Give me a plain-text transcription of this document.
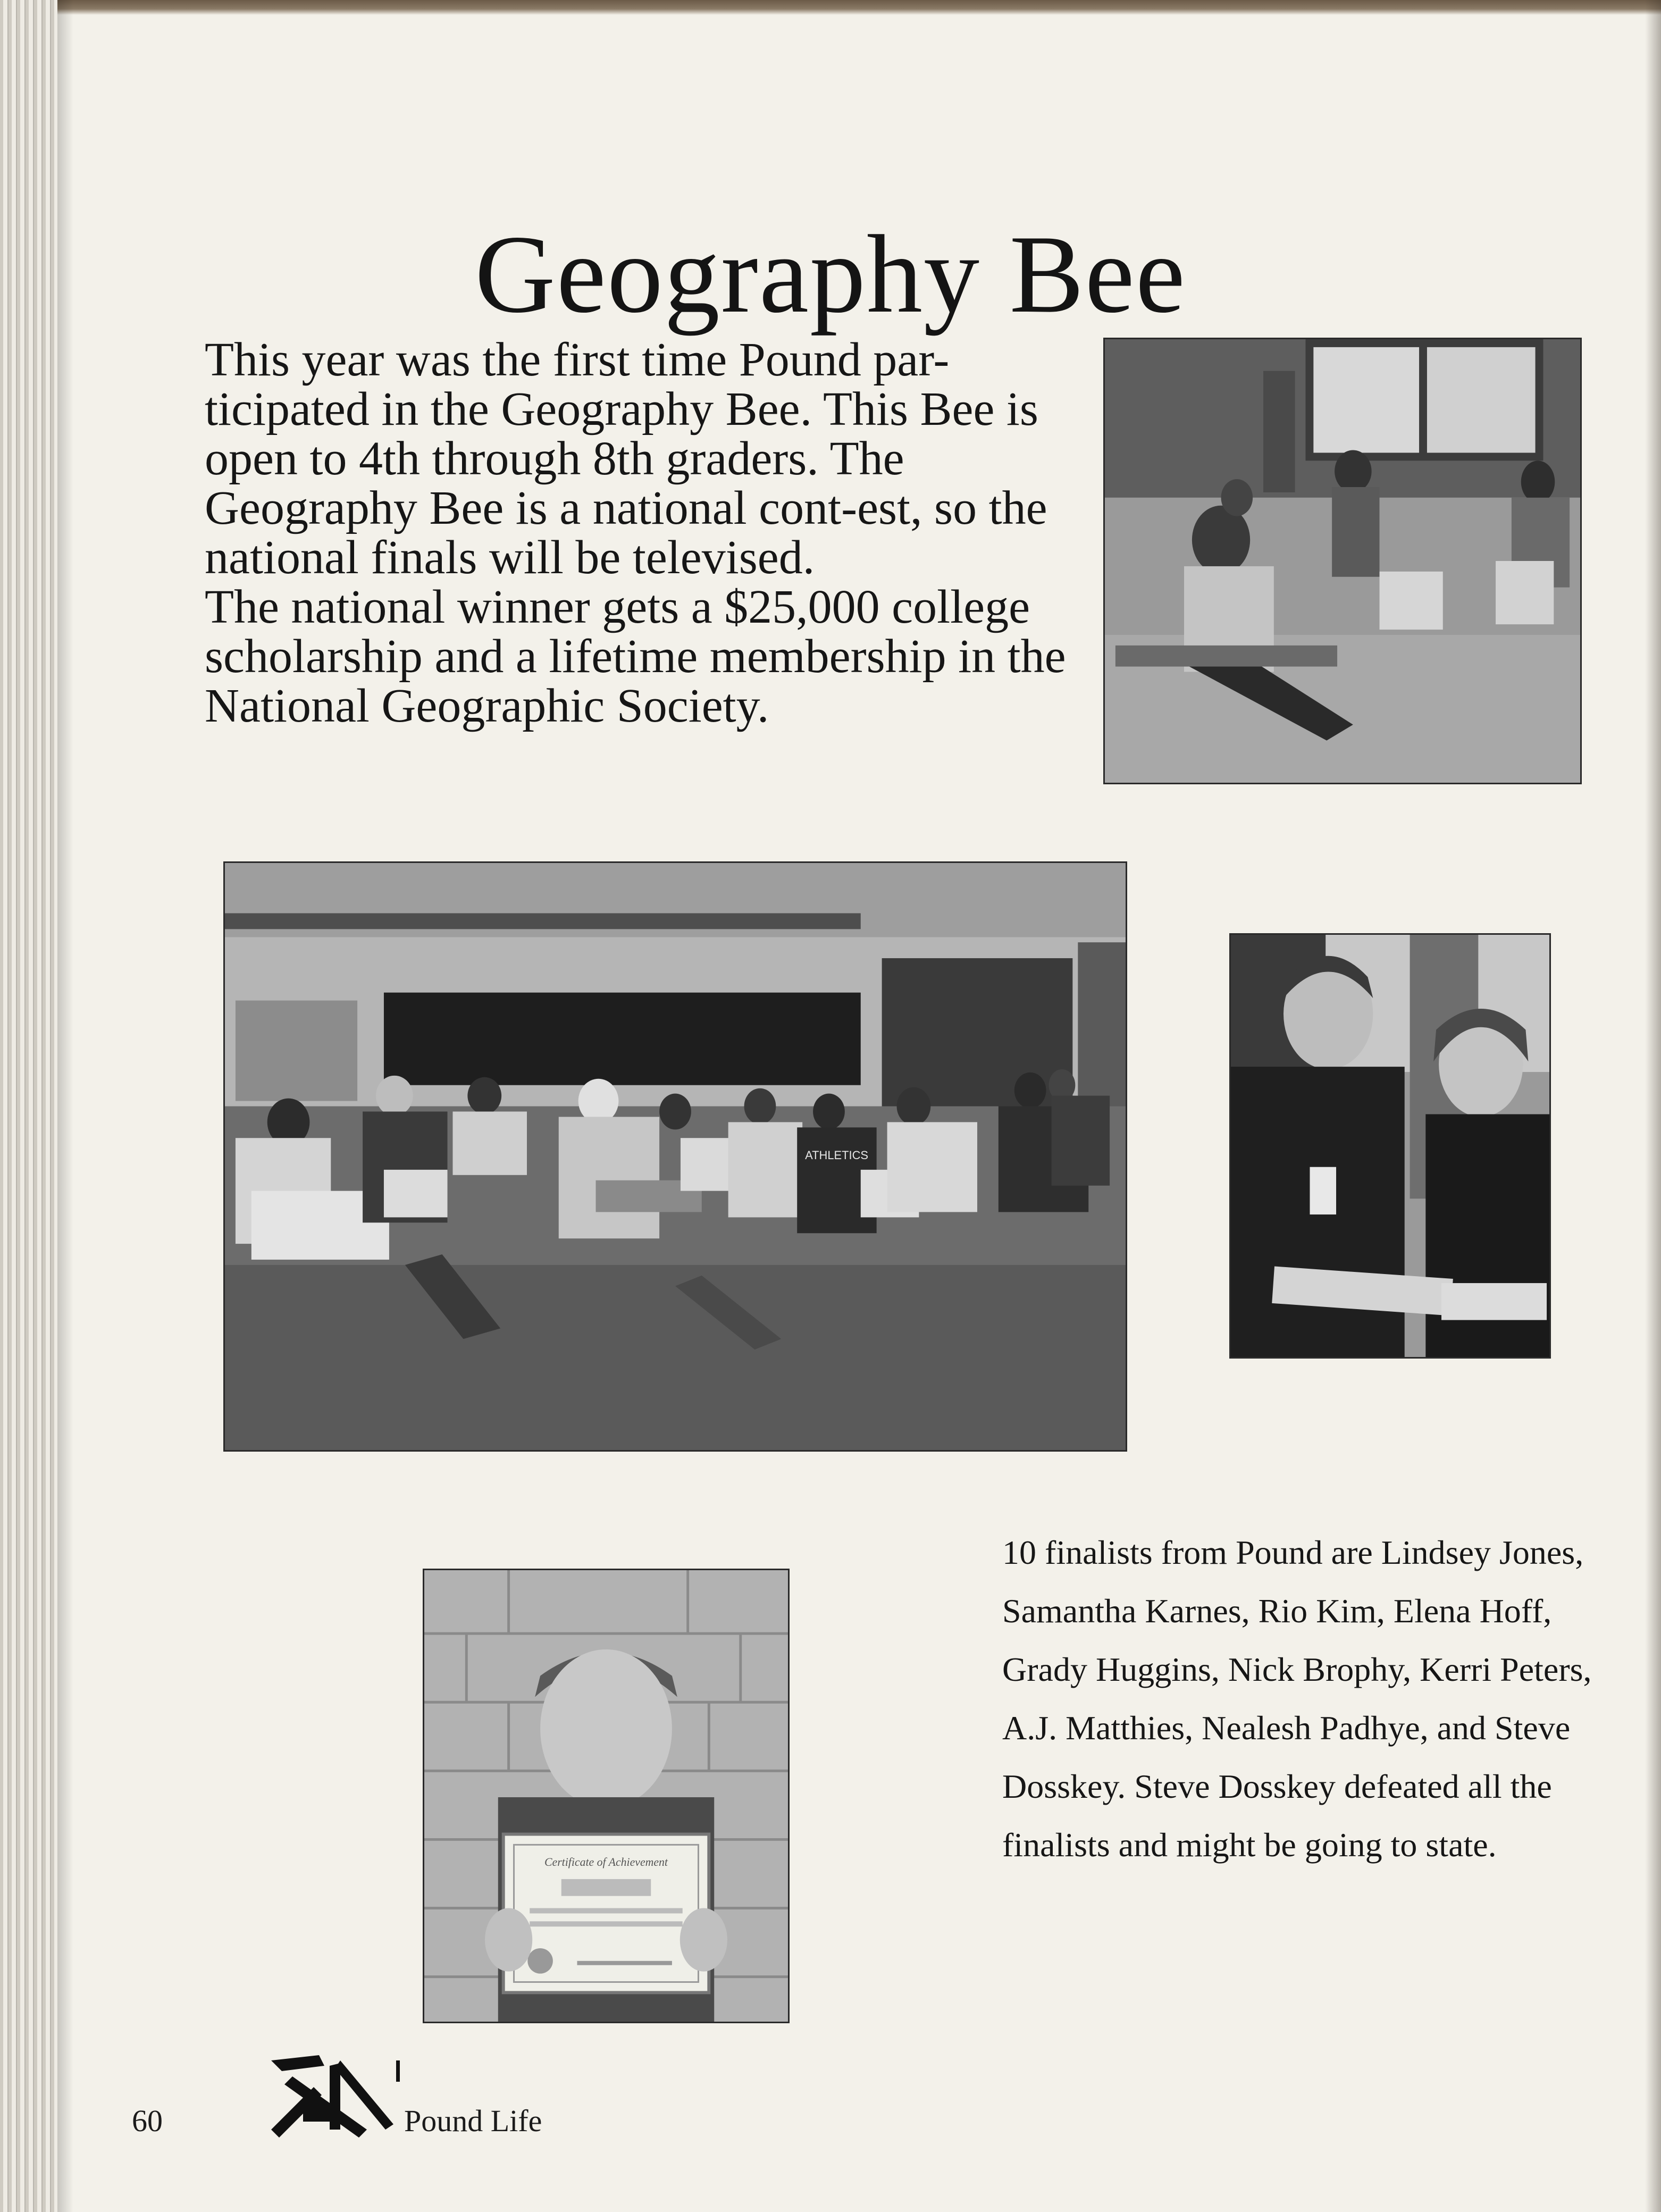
Geography Bee

This year was the first time Pound par-ticipated in the Geography Bee. This Bee is open to 4th through 8th graders. The Geography Bee is a national cont-est, so the national finals will be televised.

The national winner gets a $25,000 college scholarship and a lifetime membership in the National Geographic Society.

ATHLETICS
Certificate of Achievement
10 finalists from Pound are Lindsey Jones, Samantha Karnes, Rio Kim, Elena Hoff, Grady Huggins, Nick Brophy, Kerri Peters, A.J. Matthies, Nealesh Padhye, and Steve Dosskey. Steve Dosskey defeated all the finalists and might be going to state.
60	Pound Life
